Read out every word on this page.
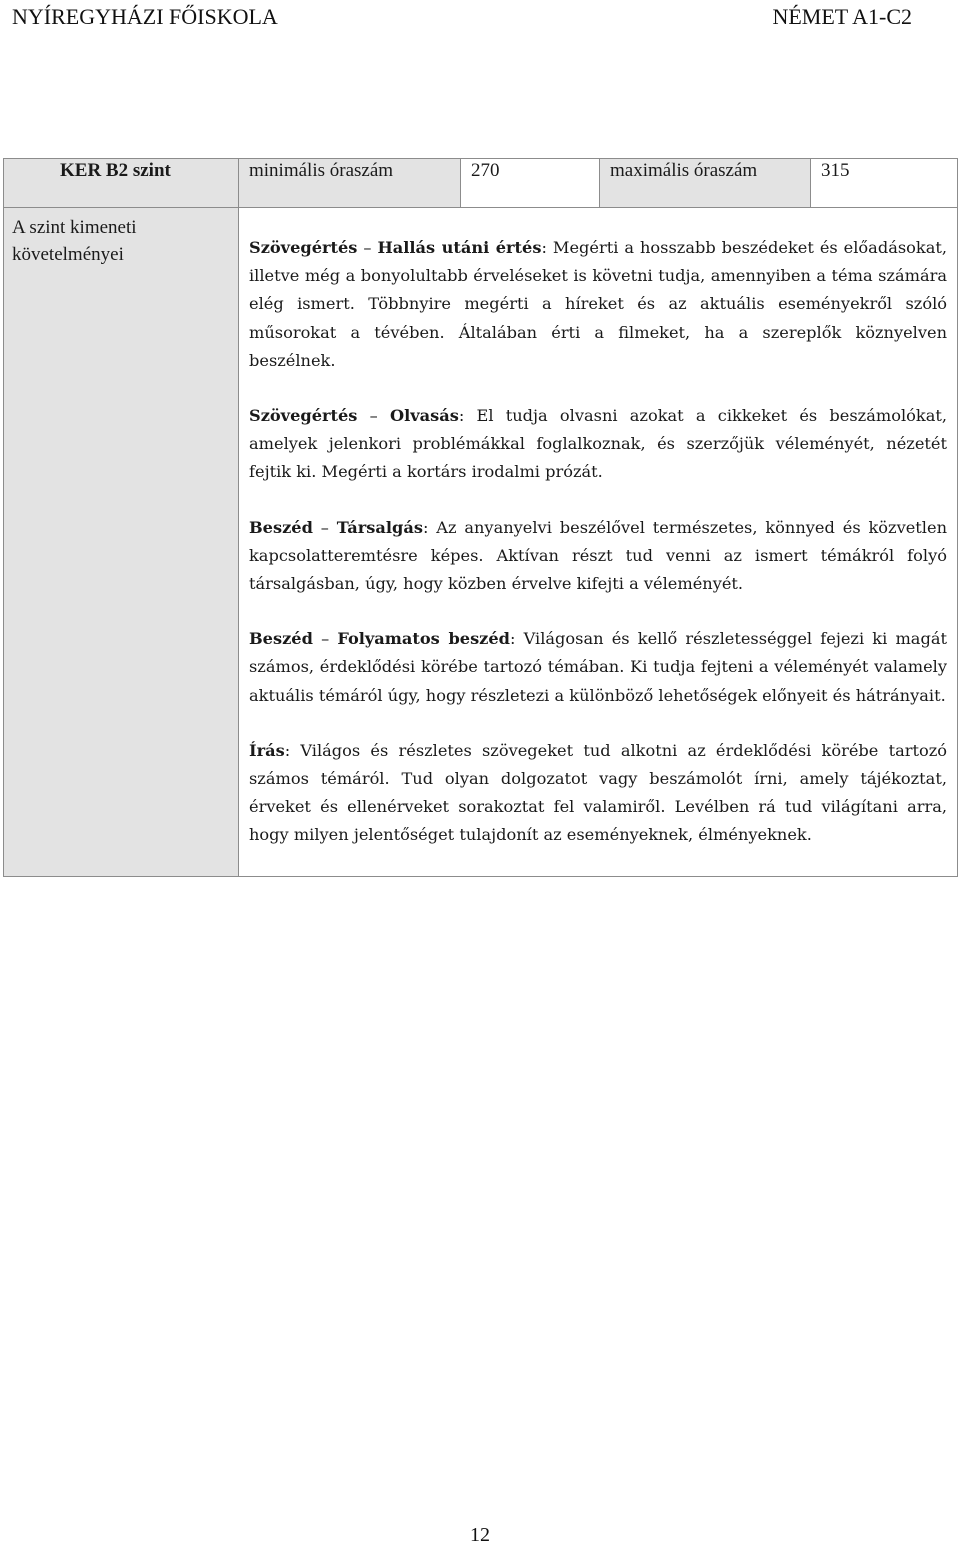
NYÍREGYHÁZI FŐISKOLA	NÉMET A1-C2
KER B2 szint	minimális óraszám	270	maximális óraszám	315
A szint kimeneti követelményei	Szövegértés – Hallás utáni értés: Megérti a hosszabb beszédeket és előadásokat, illetve még a bonyolultabb érveléseket is követni tudja, amennyiben a téma számára elég ismert. Többnyire megérti a híreket és az aktuális eseményekről szóló műsorokat a tévében. Általában érti a filmeket, ha a szereplők köznyelven beszélnek.

Szövegértés – Olvasás: El tudja olvasni azokat a cikkeket és beszámolókat, amelyek jelenkori problémákkal foglalkoznak, és szerzőjük véleményét, nézetét fejtik ki. Megérti a kortárs irodalmi prózát.

Beszéd – Társalgás: Az anyanyelvi beszélővel természetes, könnyed és közvetlen kapcsolatteremtésre képes. Aktívan részt tud venni az ismert témákról folyó társalgásban, úgy, hogy közben érvelve kifejti a véleményét.

Beszéd – Folyamatos beszéd: Világosan és kellő részletességgel fejezi ki magát számos, érdeklődési körébe tartozó témában. Ki tudja fejteni a véleményét valamely aktuális témáról úgy, hogy részletezi a különböző lehetőségek előnyeit és hátrányait.

Írás: Világos és részletes szövegeket tud alkotni az érdeklődési körébe tartozó számos témáról. Tud olyan dolgozatot vagy beszámolót írni, amely tájékoztat, érveket és ellenérveket sorakoztat fel valamiről. Levélben rá tud világítani arra, hogy milyen jelentőséget tulajdonít az eseményeknek, élményeknek.			

12
